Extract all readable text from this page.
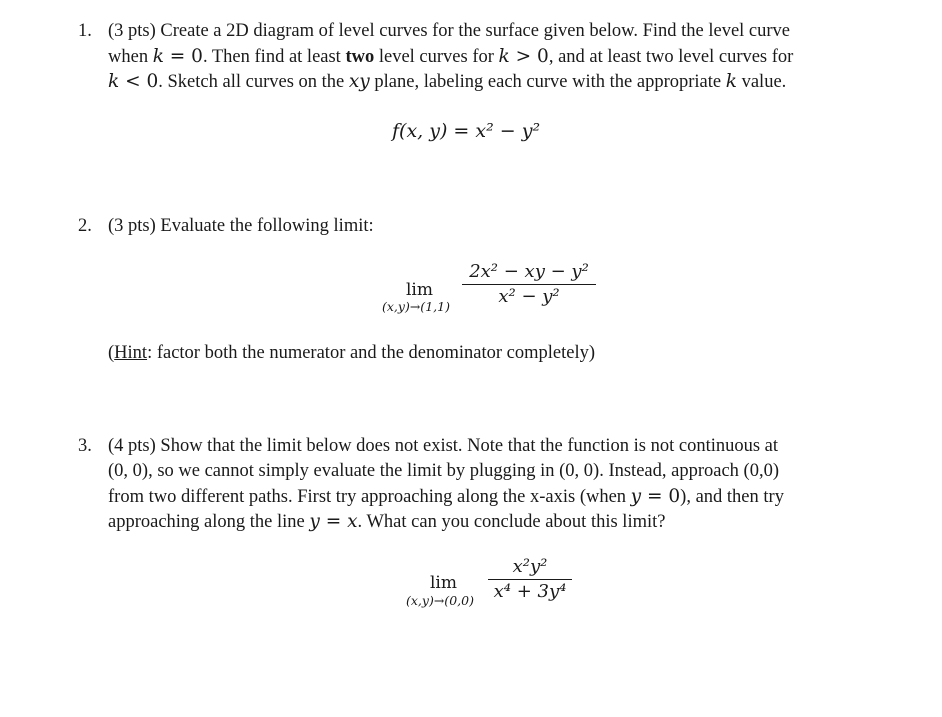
1. (3 pts) Create a 2D diagram of level curves for the surface given below. Find the level curve
when k = 0. Then find at least two level curves for k > 0, and at least two level curves for
k < 0. Sketch all curves on the xy plane, labeling each curve with the appropriate k value.
f(x, y) = x² − y²
2. (3 pts) Evaluate the following limit:
lim
(x,y)→(1,1)
2x² − xy − y²
x² − y²
(Hint: factor both the numerator and the denominator completely)
3. (4 pts) Show that the limit below does not exist. Note that the function is not continuous at
(0, 0), so we cannot simply evaluate the limit by plugging in (0, 0). Instead, approach (0,0)
from two different paths. First try approaching along the x-axis (when y = 0), and then try
approaching along the line y = x. What can you conclude about this limit?
lim
(x,y)→(0,0)
x²y²
x⁴ + 3y⁴
